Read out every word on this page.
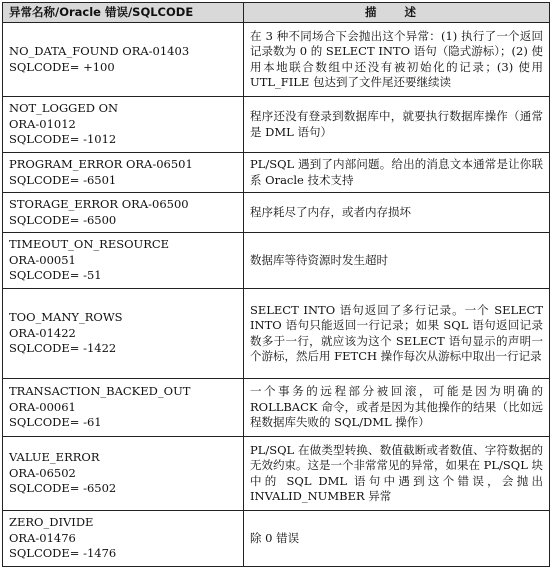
异常名称/Oracle 错误/SQLCODE	描 述

NO_DATA_FOUND ORA-01403
SQLCODE= +100	在 3 种不同场合下会抛出这个异常：(1) 执行了一个返回记录数为 0 的 SELECT INTO 语句（隐式游标）；(2) 使用本地联合数组中还没有被初始化的记录；(3) 使用 UTL_FILE 包达到了文件尾还要继续读

NOT_LOGGED ON
ORA-01012
SQLCODE= -1012	程序还没有登录到数据库中，就要执行数据库操作（通常是 DML 语句）

PROGRAM_ERROR ORA-06501
SQLCODE= -6501	PL/SQL 遇到了内部问题。给出的消息文本通常是让你联系 Oracle 技术支持

STORAGE_ERROR ORA-06500
SQLCODE= -6500	程序耗尽了内存，或者内存损坏

TIMEOUT_ON_RESOURCE
ORA-00051
SQLCODE= -51	数据库等待资源时发生超时

TOO_MANY_ROWS
ORA-01422
SQLCODE= -1422	SELECT INTO 语句返回了多行记录。一个 SELECT INTO 语句只能返回一行记录；如果 SQL 语句返回记录数多于一行，就应该为这个 SELECT 语句显示的声明一个游标，然后用 FETCH 操作每次从游标中取出一行记录

TRANSACTION_BACKED_OUT
ORA-00061
SQLCODE= -61	一个事务的远程部分被回滚，可能是因为明确的 ROLLBACK 命令，或者是因为其他操作的结果（比如远程数据库失败的 SQL/DML 操作）

VALUE_ERROR
ORA-06502
SQLCODE= -6502	PL/SQL 在做类型转换、数值截断或者数值、字符数据的无效约束。这是一个非常常见的异常，如果在 PL/SQL 块中的 SQL DML 语句中遇到这个错误，会抛出 INVALID_NUMBER 异常

ZERO_DIVIDE
ORA-01476
SQLCODE= -1476	除 0 错误
